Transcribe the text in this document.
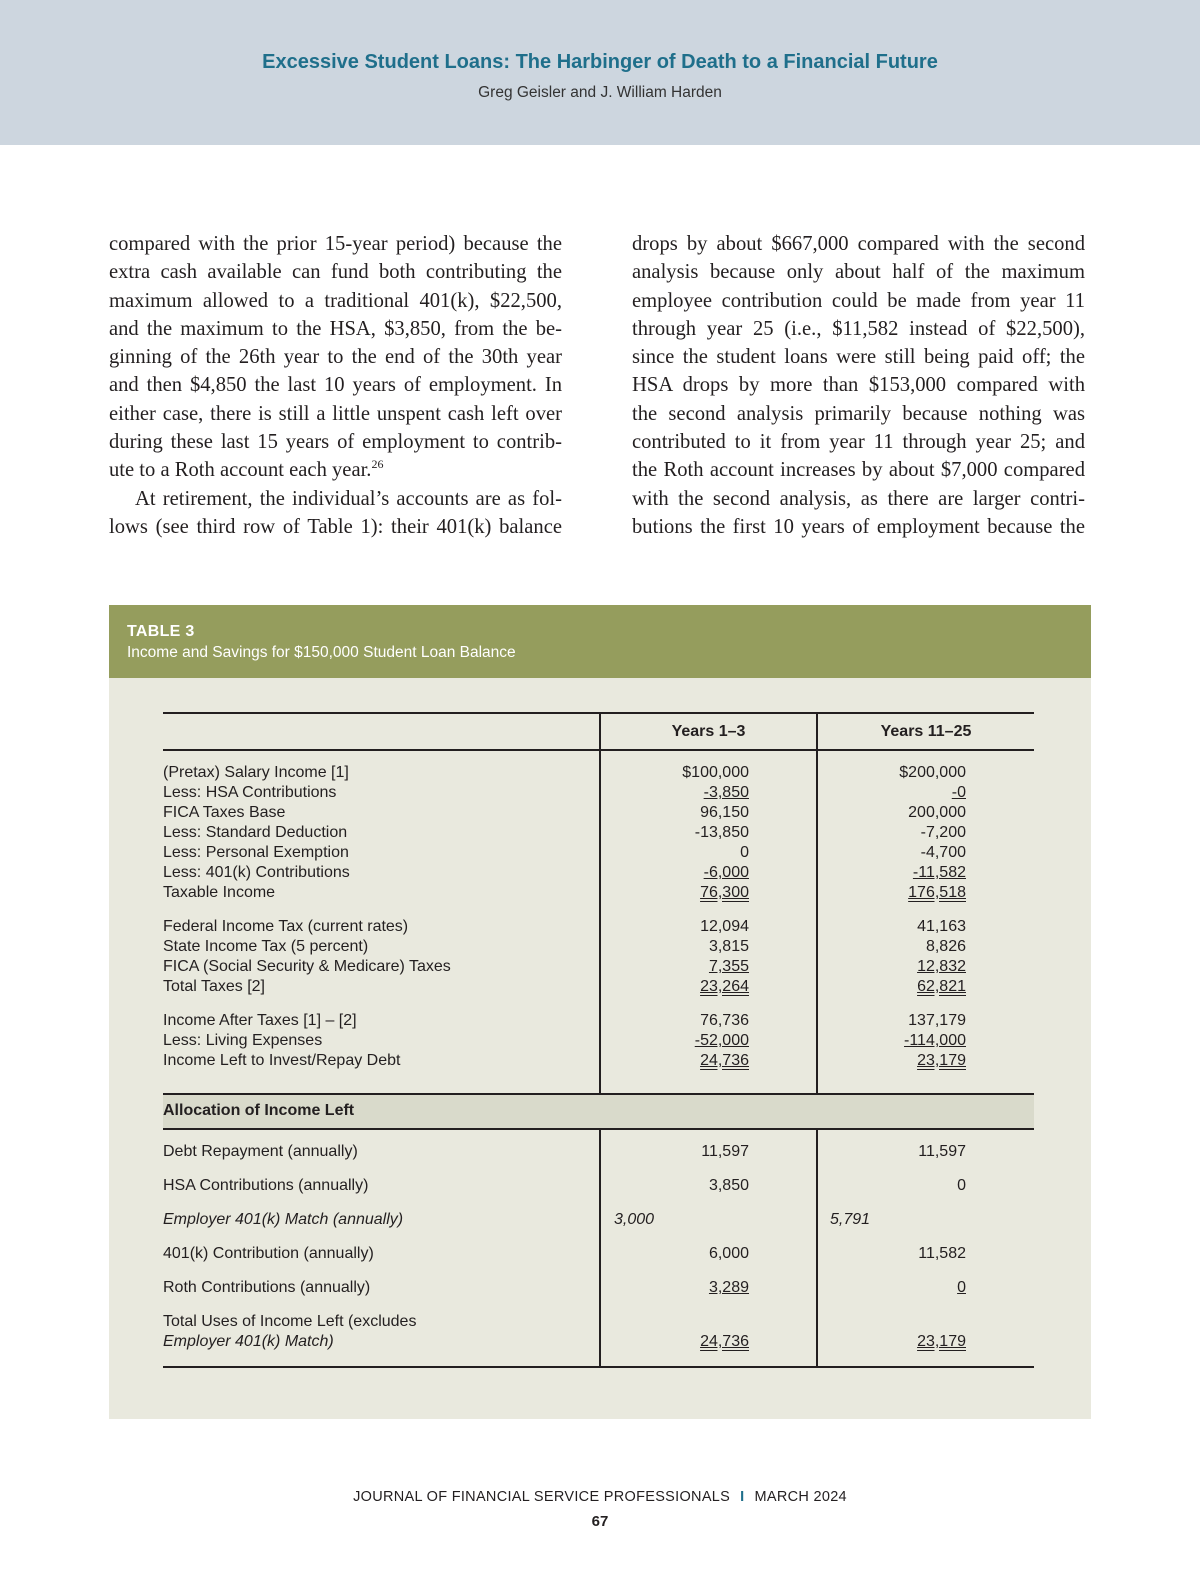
Excessive Student Loans: The Harbinger of Death to a Financial Future
Greg Geisler and J. William Harden
compared with the prior 15-year period) because the
extra cash available can fund both contributing the
maximum allowed to a traditional 401(k), $22,500,
and the maximum to the HSA, $3,850, from the be-
ginning of the 26th year to the end of the 30th year
and then $4,850 the last 10 years of employment. In
either case, there is still a little unspent cash left over
during these last 15 years of employment to contrib-
ute to a Roth account each year.$^{26}$
At retirement, the individual’s accounts are as fol-
lows (see third row of Table 1): their 401(k) balance
drops by about $667,000 compared with the second
analysis because only about half of the maximum
employee contribution could be made from year 11
through year 25 (i.e., $11,582 instead of $22,500),
since the student loans were still being paid off; the
HSA drops by more than $153,000 compared with
the second analysis primarily because nothing was
contributed to it from year 11 through year 25; and
the Roth account increases by about $7,000 compared
with the second analysis, as there are larger contri-
butions the first 10 years of employment because the
TABLE 3
Income and Savings for $150,000 Student Loan Balance
Years 1–3	Years 11–25
(Pretax) Salary Income [1]	$100,000	$200,000
Less: HSA Contributions	-3,850	-0
FICA Taxes Base	96,150	200,000
Less: Standard Deduction	-13,850	-7,200
Less: Personal Exemption	0	-4,700
Less: 401(k) Contributions	-6,000	-11,582
Taxable Income	76,300	176,518
Federal Income Tax (current rates)	12,094	41,163
State Income Tax (5 percent)	3,815	8,826
FICA (Social Security & Medicare) Taxes	7,355	12,832
Total Taxes [2]	23,264	62,821
Income After Taxes [1] – [2]	76,736	137,179
Less: Living Expenses	-52,000	-114,000
Income Left to Invest/Repay Debt	24,736	23,179
Allocation of Income Left
Debt Repayment (annually)	11,597	11,597
HSA Contributions (annually)	3,850	0
Employer 401(k) Match (annually)	3,000	5,791
401(k) Contribution (annually)	6,000	11,582
Roth Contributions (annually)	3,289	0
Total Uses of Income Left (excludes
Employer 401(k) Match)	24,736	23,179
JOURNAL OF FINANCIAL SERVICE PROFESSIONALS I MARCH 2024
67
